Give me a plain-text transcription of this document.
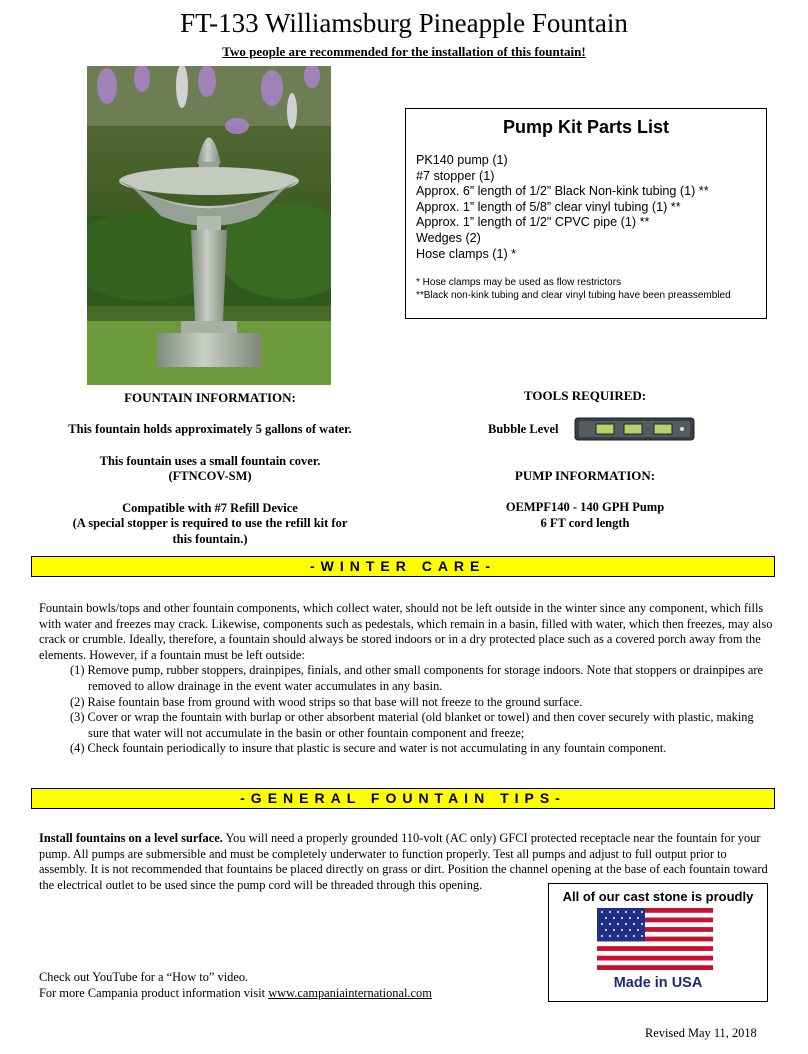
FT-133 Williamsburg Pineapple Fountain
Two people are recommended for the installation of this fountain!
Pump Kit Parts List
PK140 pump (1)
#7 stopper (1)
Approx. 6” length of 1/2” Black Non-kink tubing (1) **
Approx. 1” length of 5/8” clear vinyl tubing (1) **
Approx. 1” length of 1/2" CPVC pipe (1) **
Wedges (2)
Hose clamps (1) *
* Hose clamps may be used as flow restrictors
**Black non-kink tubing and clear vinyl tubing have been preassembled
FOUNTAIN INFORMATION:
This fountain holds approximately 5 gallons of water.
This fountain uses a small fountain cover.
(FTNCOV-SM)
Compatible with #7 Refill Device
(A special stopper is required to use the refill kit for
this fountain.)
TOOLS REQUIRED:
Bubble Level
PUMP INFORMATION:
OEMPF140 - 140 GPH Pump
6 FT cord length
-WINTER CARE-
Fountain bowls/tops and other fountain components, which collect water, should not be left outside in the winter since any component, which fills with water and freezes may crack. Likewise, components such as pedestals, which remain in a basin, filled with water, which then freezes, may also crack or crumble. Ideally, therefore, a fountain should always be stored indoors or in a dry protected place such as a covered porch away from the elements. However, if a fountain must be left outside:
(1) Remove pump, rubber stoppers, drainpipes, finials, and other small components for storage indoors. Note that stoppers or drainpipes are removed to allow drainage in the event water accumulates in any basin.
(2) Raise fountain base from ground with wood strips so that base will not freeze to the ground surface.
(3) Cover or wrap the fountain with burlap or other absorbent material (old blanket or towel) and then cover securely with plastic, making sure that water will not accumulate in the basin or other fountain component and freeze;
(4) Check fountain periodically to insure that plastic is secure and water is not accumulating in any fountain component.
-GENERAL FOUNTAIN TIPS-
Install fountains on a level surface. You will need a properly grounded 110-volt (AC only) GFCI protected receptacle near the fountain for your pump. All pumps are submersible and must be completely underwater to function properly. Test all pumps and adjust to full output prior to assembly. It is not recommended that fountains be placed directly on grass or dirt. Position the channel opening at the base of each fountain toward the electrical outlet to be used since the pump cord will be threaded through this opening.
All of our cast stone is proudly
Made in USA
Check out YouTube for a “How to” video.
For more Campania product information visit www.campaniainternational.com
Revised May 11, 2018
